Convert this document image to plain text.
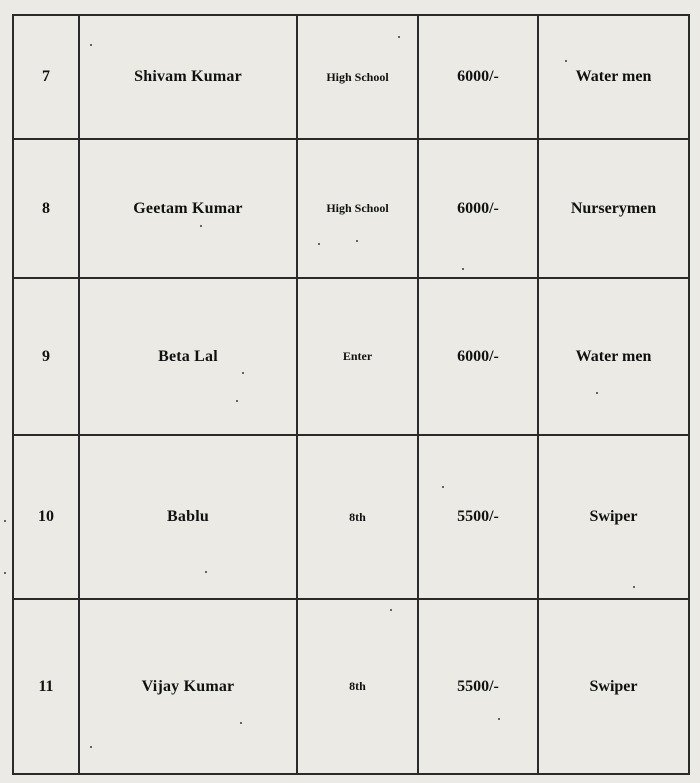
7	Shivam Kumar	High School	6000/-	Water men
8	Geetam Kumar	High School	6000/-	Nurserymen
9	Beta Lal	Enter	6000/-	Water men
10	Bablu	8th	5500/-	Swiper
11	Vijay Kumar	8th	5500/-	Swiper
